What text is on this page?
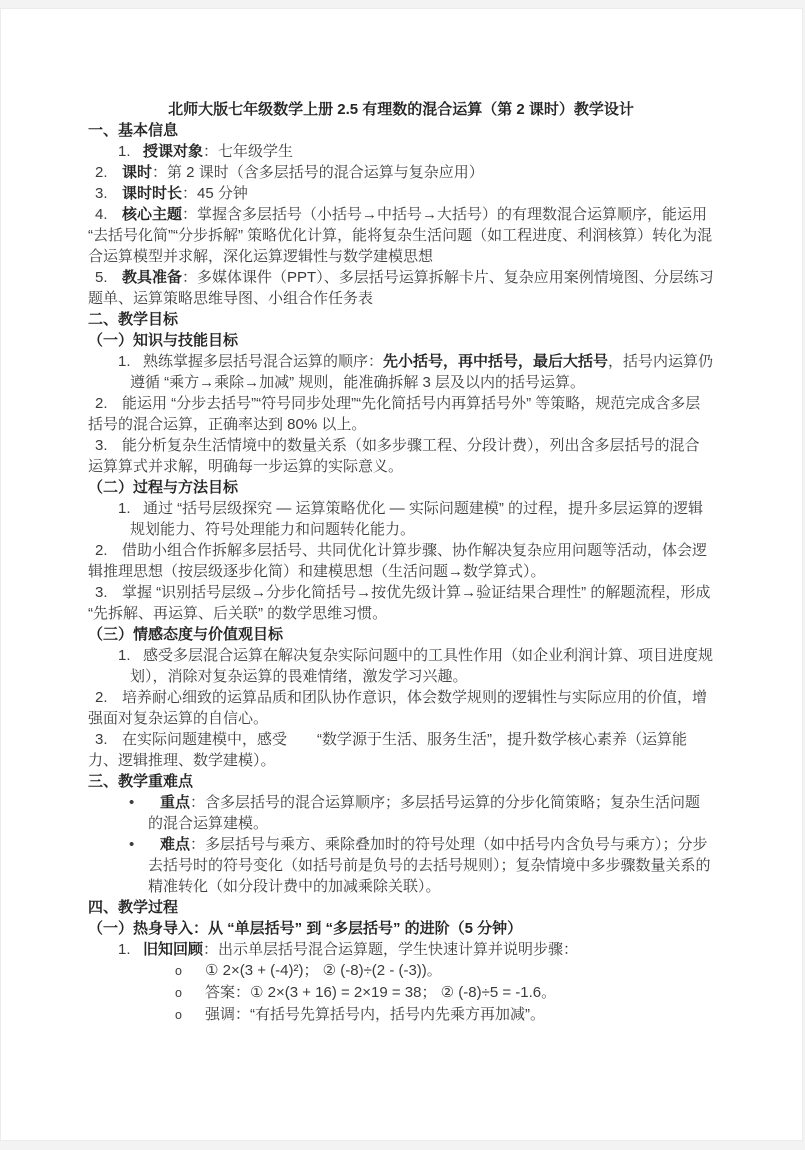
北师大版七年级数学上册 2.5 有理数的混合运算（第 2 课时）教学设计
一、基本信息
1. 授课对象：七年级学生
2. 课时：第 2 课时（含多层括号的混合运算与复杂应用）
3. 课时时长：45 分钟
4. 核心主题：掌握含多层括号（小括号→中括号→大括号）的有理数混合运算顺序，能运用 “去括号化简”“分步拆解” 策略优化计算，能将复杂生活问题（如工程进度、利润核算）转化为混合运算模型并求解，深化运算逻辑性与数学建模思想
5. 教具准备：多媒体课件（PPT）、多层括号运算拆解卡片、复杂应用案例情境图、分层练习题单、运算策略思维导图、小组合作任务表
二、教学目标
（一）知识与技能目标
1. 熟练掌握多层括号混合运算的顺序：先小括号，再中括号，最后大括号，括号内运算仍遵循 “乘方→乘除→加减” 规则，能准确拆解 3 层及以内的括号运算。
2. 能运用 “分步去括号”“符号同步处理”“先化简括号内再算括号外” 等策略，规范完成含多层括号的混合运算，正确率达到 80% 以上。
3. 能分析复杂生活情境中的数量关系（如多步骤工程、分段计费），列出含多层括号的混合运算算式并求解，明确每一步运算的实际意义。
（二）过程与方法目标
1. 通过 “括号层级探究 — 运算策略优化 — 实际问题建模” 的过程，提升多层运算的逻辑规划能力、符号处理能力和问题转化能力。
2. 借助小组合作拆解多层括号、共同优化计算步骤、协作解决复杂应用问题等活动，体会逻辑推理思想（按层级逐步化简）和建模思想（生活问题→数学算式）。
3. 掌握 “识别括号层级→分步化简括号→按优先级计算→验证结果合理性” 的解题流程，形成 “先拆解、再运算、后关联” 的数学思维习惯。
（三）情感态度与价值观目标
1. 感受多层混合运算在解决复杂实际问题中的工具性作用（如企业利润计算、项目进度规划），消除对复杂运算的畏难情绪，激发学习兴趣。
2. 培养耐心细致的运算品质和团队协作意识，体会数学规则的逻辑性与实际应用的价值，增强面对复杂运算的自信心。
3. 在实际问题建模中，感受　　“数学源于生活、服务生活”，提升数学核心素养（运算能力、逻辑推理、数学建模）。
三、教学重难点
• 重点：含多层括号的混合运算顺序；多层括号运算的分步化简策略；复杂生活问题的混合运算建模。
• 难点：多层括号与乘方、乘除叠加时的符号处理（如中括号内含负号与乘方）；分步去括号时的符号变化（如括号前是负号的去括号规则）；复杂情境中多步骤数量关系的精准转化（如分段计费中的加减乘除关联）。
四、教学过程
（一）热身导入：从 “单层括号” 到 “多层括号” 的进阶（5 分钟）
1. 旧知回顾：出示单层括号混合运算题，学生快速计算并说明步骤：
o ① 2×(3 + (-4)²)； ② (-8)÷(2 - (-3))。
o 答案：① 2×(3 + 16) = 2×19 = 38； ② (-8)÷5 = -1.6。
o 强调：“有括号先算括号内，括号内先乘方再加减”。
